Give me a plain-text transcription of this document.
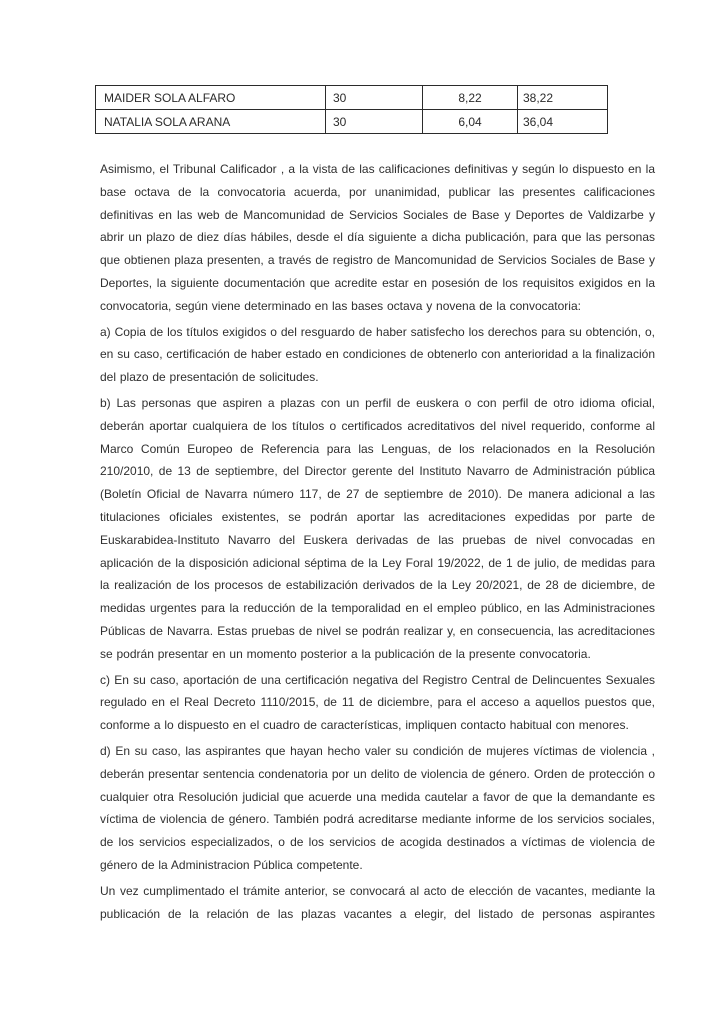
MAIDER SOLA ALFARO	30	8,22	38,22
NATALIA SOLA ARANA	30	6,04	36,04

Asimismo, el Tribunal Calificador , a la vista de las calificaciones definitivas y según lo dispuesto en la base octava de la convocatoria acuerda, por unanimidad, publicar las presentes calificaciones definitivas en las web de Mancomunidad de Servicios Sociales de Base y Deportes de Valdizarbe y abrir un plazo de diez días hábiles, desde el día siguiente a dicha publicación, para que las personas que obtienen plaza presenten, a través de registro de Mancomunidad de Servicios Sociales de Base y Deportes, la siguiente documentación que acredite estar en posesión de los requisitos exigidos en la convocatoria, según viene determinado en las bases octava y novena de la convocatoria:

a) Copia de los títulos exigidos o del resguardo de haber satisfecho los derechos para su obtención, o, en su caso, certificación de haber estado en condiciones de obtenerlo con anterioridad a la finalización del plazo de presentación de solicitudes.

b) Las personas que aspiren a plazas con un perfil de euskera o con perfil de otro idioma oficial, deberán aportar cualquiera de los títulos o certificados acreditativos del nivel requerido, conforme al Marco Común Europeo de Referencia para las Lenguas, de los relacionados en la Resolución 210/2010, de 13 de septiembre, del Director gerente del Instituto Navarro de Administración pública (Boletín Oficial de Navarra número 117, de 27 de septiembre de 2010). De manera adicional a las titulaciones oficiales existentes, se podrán aportar las acreditaciones expedidas por parte de Euskarabidea-Instituto Navarro del Euskera derivadas de las pruebas de nivel convocadas en aplicación de la disposición adicional séptima de la Ley Foral 19/2022, de 1 de julio, de medidas para la realización de los procesos de estabilización derivados de la Ley 20/2021, de 28 de diciembre, de medidas urgentes para la reducción de la temporalidad en el empleo público, en las Administraciones Públicas de Navarra. Estas pruebas de nivel se podrán realizar y, en consecuencia, las acreditaciones se podrán presentar en un momento posterior a la publicación de la presente convocatoria.

c) En su caso, aportación de una certificación negativa del Registro Central de Delincuentes Sexuales regulado en el Real Decreto 1110/2015, de 11 de diciembre, para el acceso a aquellos puestos que, conforme a lo dispuesto en el cuadro de características, impliquen contacto habitual con menores.

d) En su caso, las aspirantes que hayan hecho valer su condición de mujeres víctimas de violencia , deberán presentar sentencia condenatoria por un delito de violencia de género. Orden de protección o cualquier otra Resolución judicial que acuerde una medida cautelar a favor de que la demandante es víctima de violencia de género. También podrá acreditarse mediante informe de los servicios sociales, de los servicios especializados, o de los servicios de acogida destinados a víctimas de violencia de género de la Administracion Pública competente.

Un vez cumplimentado el trámite anterior, se convocará al acto de elección de vacantes, mediante la publicación de la relación de las plazas vacantes a elegir, del listado de personas aspirantes
